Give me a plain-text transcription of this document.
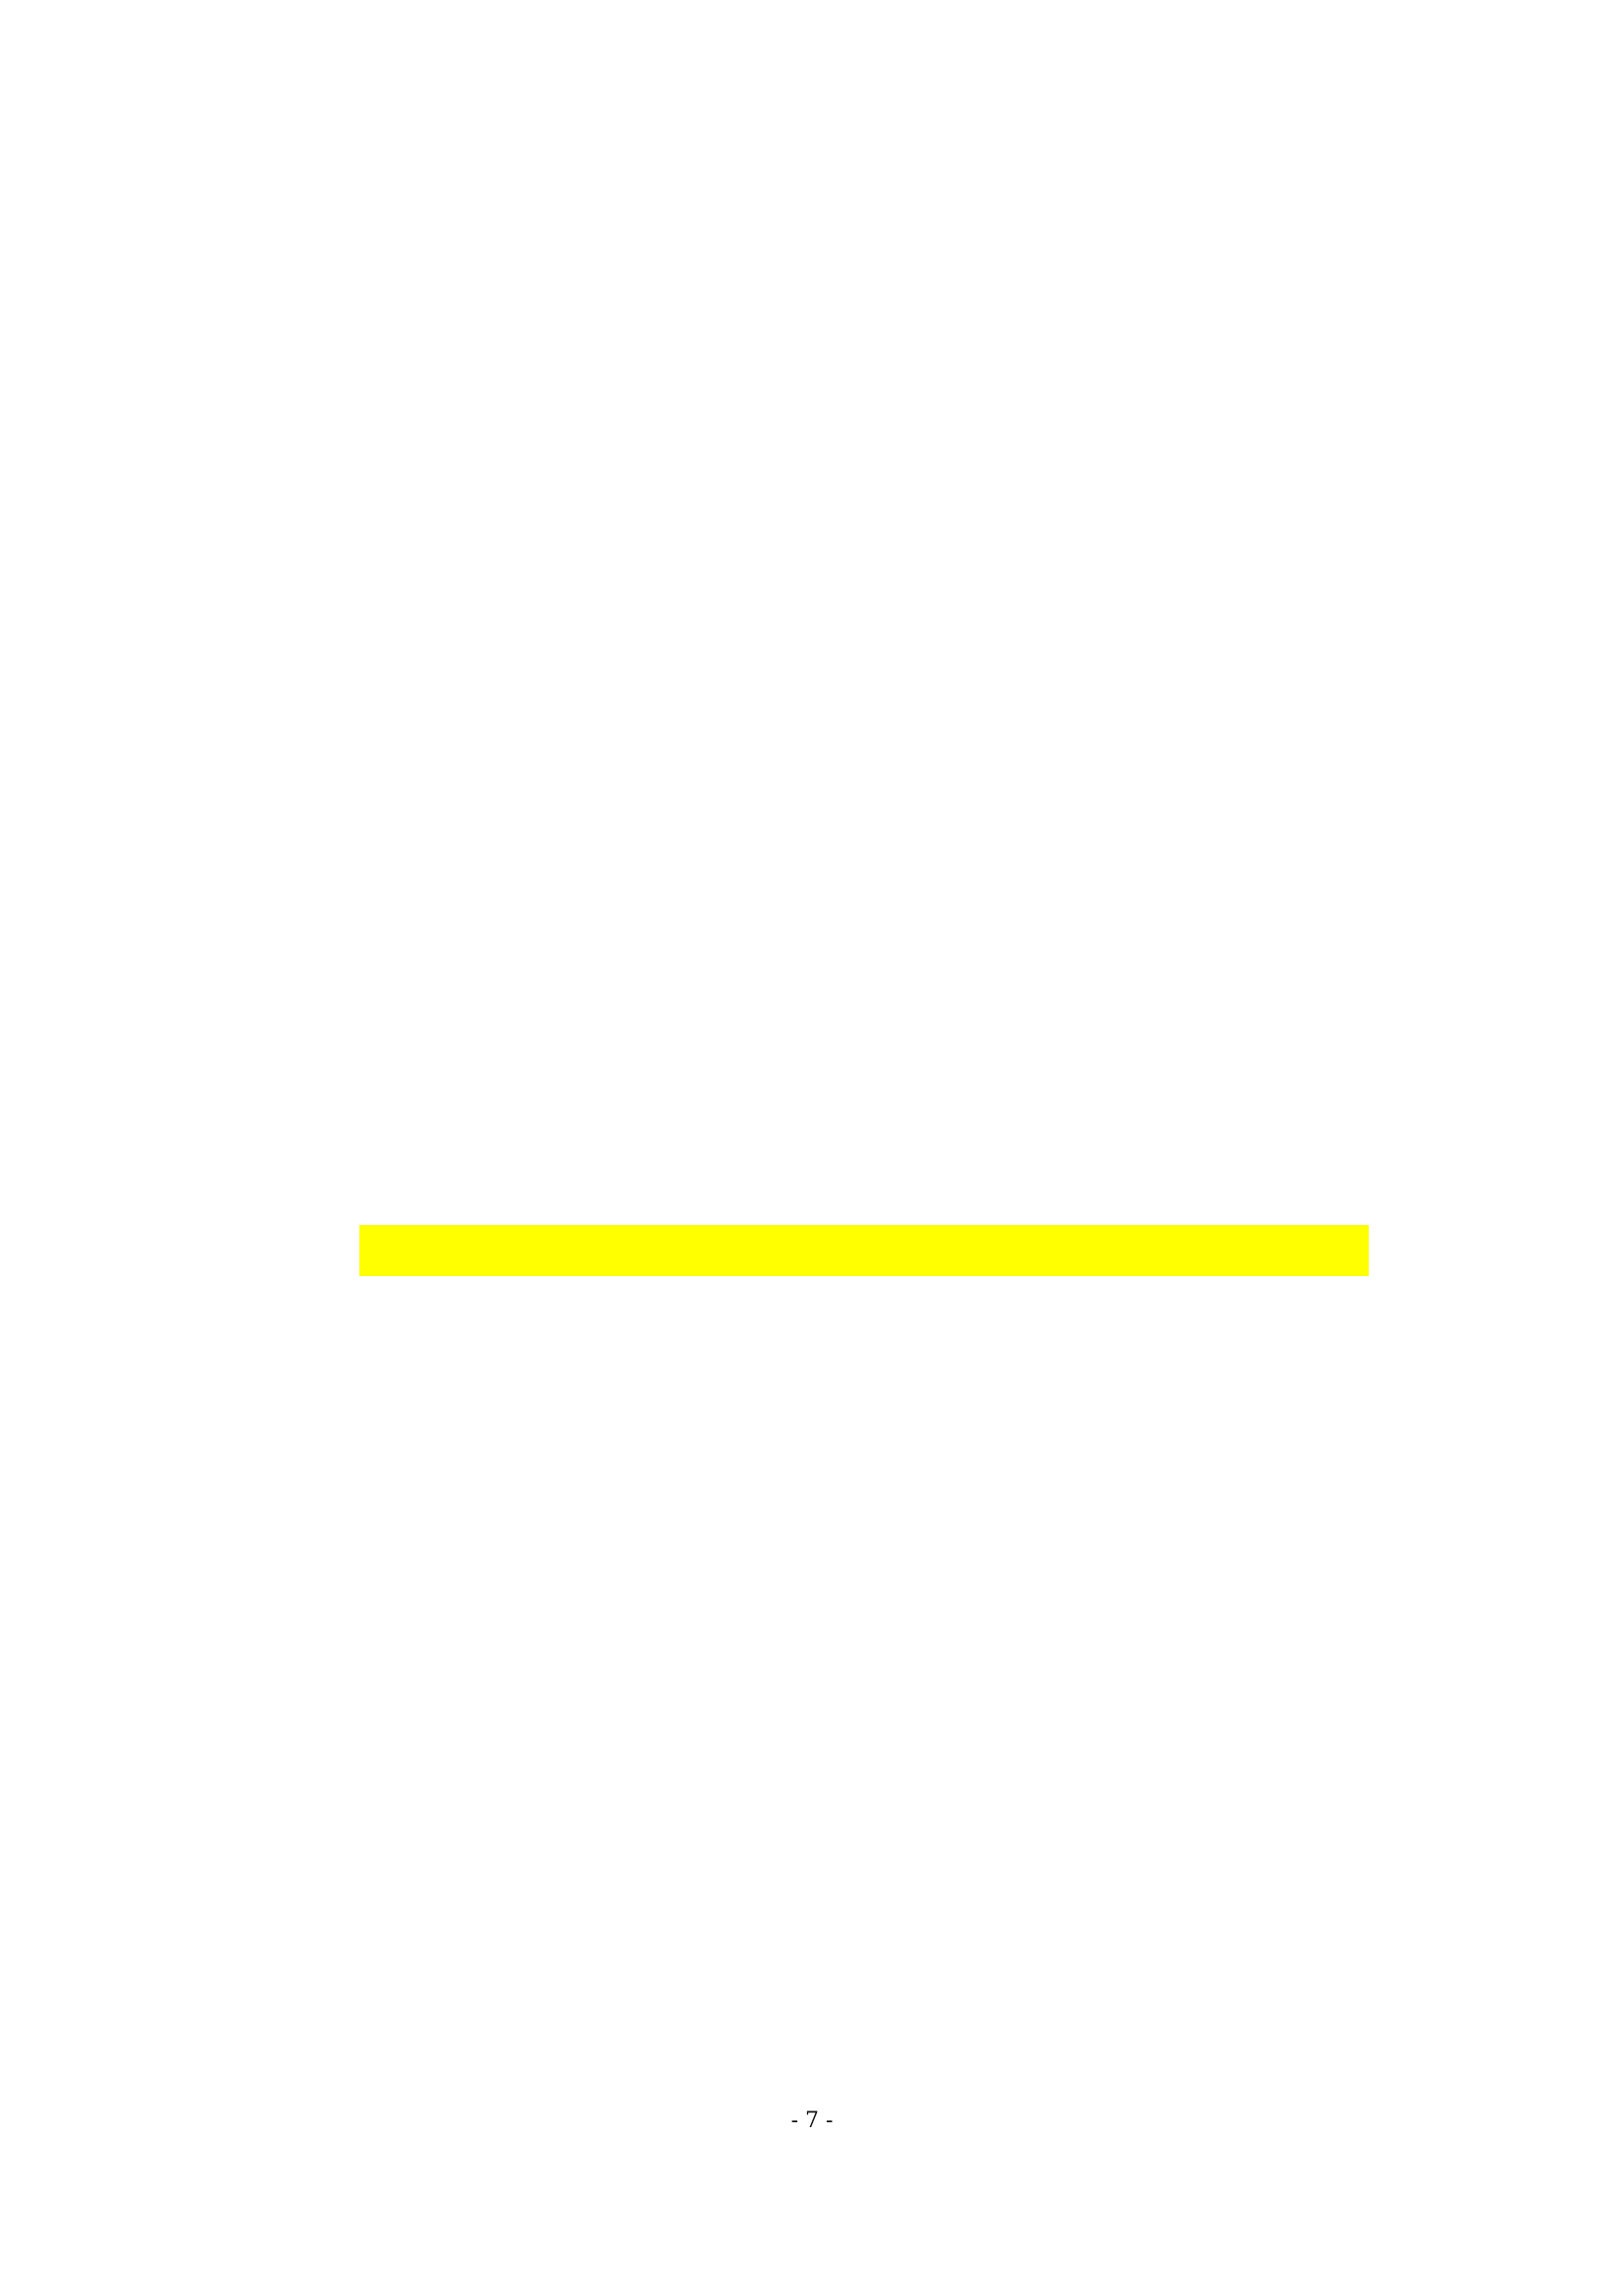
- 7 -
